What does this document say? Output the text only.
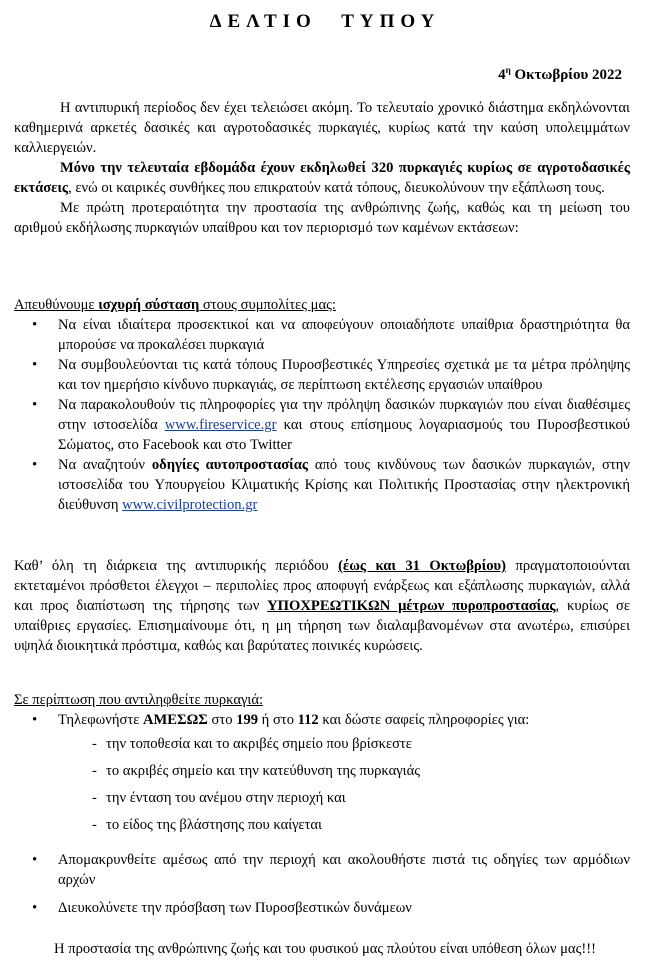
ΔΕΛΤΙΟ ΤΥΠΟΥ
$4^\eta$ Οκτωβρίου 2022

Η αντιπυρική περίοδος δεν έχει τελειώσει ακόμη. Το τελευταίο χρονικό διάστημα εκδηλώνονται καθημερινά αρκετές δασικές και αγροτοδασικές πυρκαγιές, κυρίως κατά την καύση υπολειμμάτων καλλιεργειών.

Μόνο την τελευταία εβδομάδα έχουν εκδηλωθεί 320 πυρκαγιές κυρίως σε αγροτοδασικές εκτάσεις, ενώ οι καιρικές συνθήκες που επικρατούν κατά τόπους, διευκολύνουν την εξάπλωση τους.

Με πρώτη προτεραιότητα την προστασία της ανθρώπινης ζωής, καθώς και τη μείωση του αριθμού εκδήλωσης πυρκαγιών υπαίθρου και τον περιορισμό των καμένων εκτάσεων:

Απευθύνουμε ισχυρή σύσταση στους συμπολίτες μας:

• Να είναι ιδιαίτερα προσεκτικοί και να αποφεύγουν οποιαδήποτε υπαίθρια δραστηριότητα θα μπορούσε να προκαλέσει πυρκαγιά
• Να συμβουλεύονται τις κατά τόπους Πυροσβεστικές Υπηρεσίες σχετικά με τα μέτρα πρόληψης και τον ημερήσιο κίνδυνο πυρκαγιάς, σε περίπτωση εκτέλεσης εργασιών υπαίθρου
• Να παρακολουθούν τις πληροφορίες για την πρόληψη δασικών πυρκαγιών που είναι διαθέσιμες στην ιστοσελίδα www.fireservice.gr και στους επίσημους λογαριασμούς του Πυροσβεστικού Σώματος, στο Facebook και στο Twitter
• Να αναζητούν οδηγίες αυτοπροστασίας από τους κινδύνους των δασικών πυρκαγιών, στην ιστοσελίδα του Υπουργείου Κλιματικής Κρίσης και Πολιτικής Προστασίας στην ηλεκτρονική διεύθυνση www.civilprotection.gr

Καθ’ όλη τη διάρκεια της αντιπυρικής περιόδου (έως και 31 Οκτωβρίου) πραγματοποιούνται εκτεταμένοι πρόσθετοι έλεγχοι – περιπολίες προς αποφυγή ενάρξεως και εξάπλωσης πυρκαγιών, αλλά και προς διαπίστωση της τήρησης των ΥΠΟΧΡΕΩΤΙΚΩΝ μέτρων πυροπροστασίας, κυρίως σε υπαίθριες εργασίες. Επισημαίνουμε ότι, η μη τήρηση των διαλαμβανομένων στα ανωτέρω, επισύρει υψηλά διοικητικά πρόστιμα, καθώς και βαρύτατες ποινικές κυρώσεις.

Σε περίπτωση που αντιληφθείτε πυρκαγιά:

• Τηλεφωνήστε ΑΜΕΣΩΣ στο 199 ή στο 112 και δώστε σαφείς πληροφορίες για:
- την τοποθεσία και το ακριβές σημείο που βρίσκεστε
- το ακριβές σημείο και την κατεύθυνση της πυρκαγιάς
- την ένταση του ανέμου στην περιοχή και
- το είδος της βλάστησης που καίγεται
• Απομακρυνθείτε αμέσως από την περιοχή και ακολουθήστε πιστά τις οδηγίες των αρμόδιων αρχών
• Διευκολύνετε την πρόσβαση των Πυροσβεστικών δυνάμεων
Η προστασία της ανθρώπινης ζωής και του φυσικού μας πλούτου είναι υπόθεση όλων μας!!!
